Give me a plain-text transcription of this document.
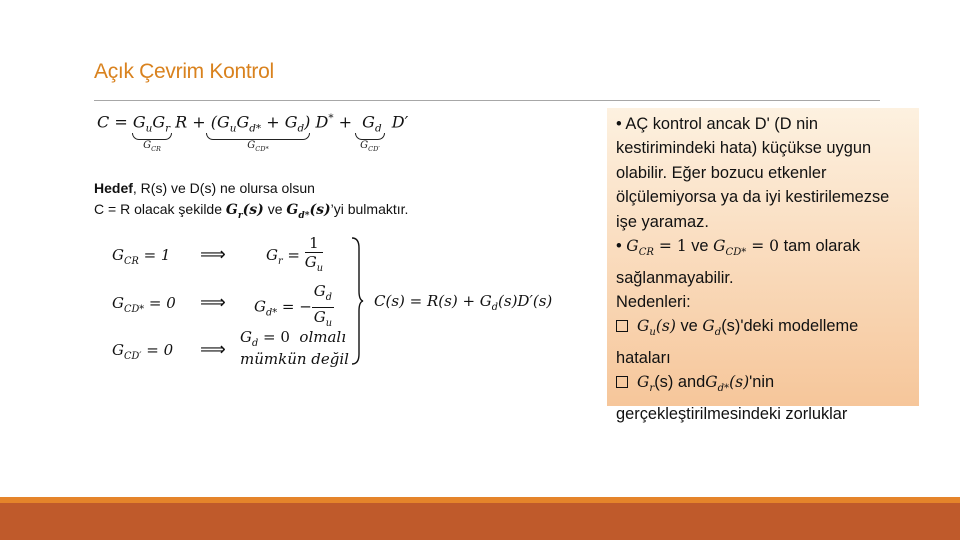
Açık Çevrim Kontrol
$C = G_uG_r$ $R + (G_uG_{d*} + G_d) D^* + G_d$  D′
$G_{CR}$	$G_{CD*}$	$G_{CD'}$
Hedef, R(s) ve D(s) ne olursa olsun
C = R olacak şekilde $G_r(s)$ ve $G_{d*}(s)’yi$ bulmaktır.
$G_{CR} = 1$ ⟹	$G_r = \frac{1}{G_u}$
$G_{CD*} = 0$ ⟹ $G_{d*}$ = − $\frac{G_d}{G_u}$
$G_{CD'} = 0$ ⟹
$G_d = 0$  olmalı
mümkün değil
$C(s) = R(s) + G_d(s)D'(s)$

• AÇ kontrol ancak D' (D nin kestirimindeki hata) küçükse uygun olabilir. Eğer bozucu etkenler ölçülemiyorsa ya da iyi kestirilemezse işe yaramaz.

• $G_{CR} = 1$ ve $G_{CD*} = 0$ tam olarak sağlanmayabilir.

Nedenleri:

$G_u(s)$ ve $G_d(s)'deki$ modelleme hataları

$G_r(s)$ andG$_{d*}$(s)'nin gerçekleştirilmesindeki zorluklar
